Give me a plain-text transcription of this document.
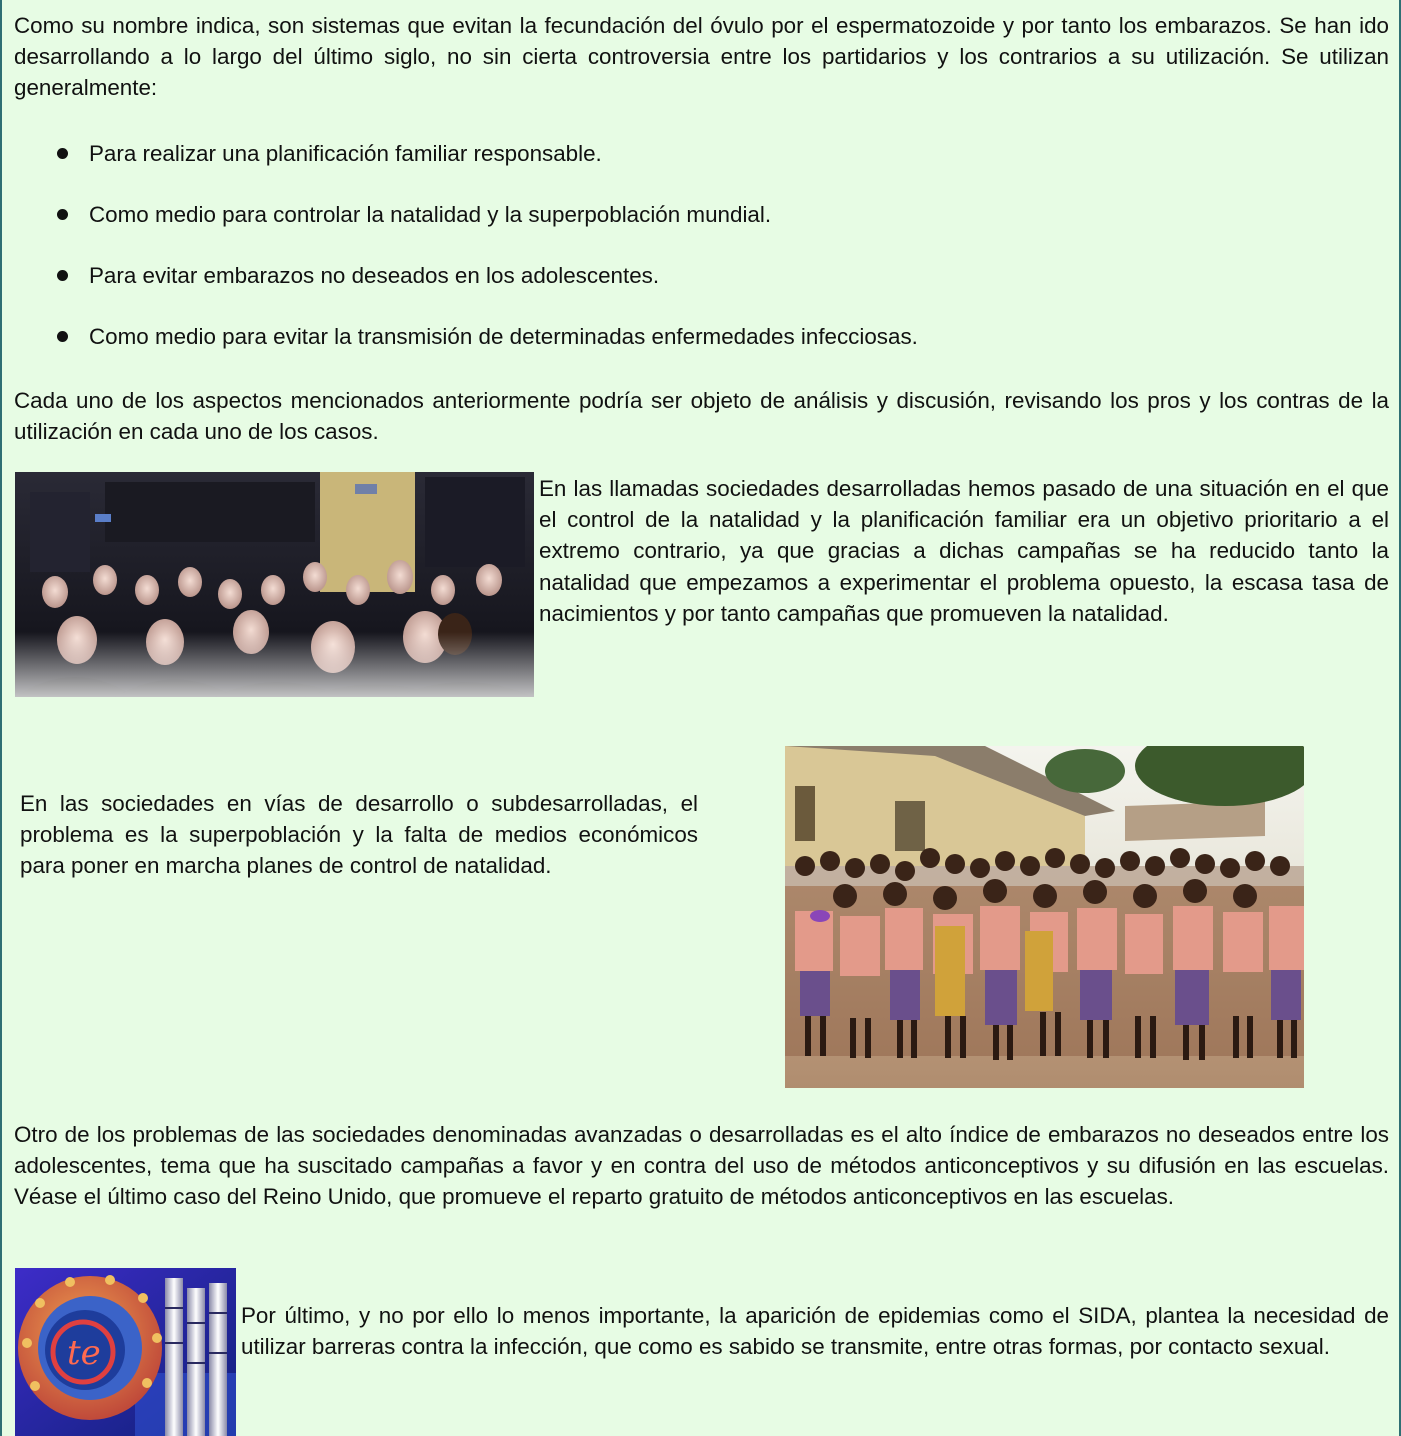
Como su nombre indica, son sistemas que evitan la fecundación del óvulo por el espermatozoide y por tanto los embarazos. Se han ido desarrollando a lo largo del último siglo, no sin cierta controversia entre los partidarios y los contrarios a su utilización. Se utilizan generalmente:

Para realizar una planificación familiar responsable.
Como medio para controlar la natalidad y la superpoblación mundial.
Para evitar embarazos no deseados en los adolescentes.
Como medio para evitar la transmisión de determinadas enfermedades infecciosas.

Cada uno de los aspectos mencionados anteriormente podría ser objeto de análisis y discusión, revisando los pros y los contras de la utilización en cada uno de los casos.

En las llamadas sociedades desarrolladas hemos pasado de una situación en el que el control de la natalidad y la planificación familiar era un objetivo prioritario a el extremo contrario, ya que gracias a dichas campañas se ha reducido tanto la natalidad que empezamos a experimentar el problema opuesto, la escasa tasa de nacimientos y por tanto campañas que promueven la natalidad.

En las sociedades en vías de desarrollo o subdesarrolladas, el problema es la superpoblación y la falta de medios económicos para poner en marcha planes de control de natalidad.

Otro de los problemas de las sociedades denominadas avanzadas o desarrolladas es el alto índice de embarazos no deseados entre los adolescentes, tema que ha suscitado campañas a favor y en contra del uso de métodos anticonceptivos y su difusión en las escuelas. Véase el último caso del Reino Unido, que promueve el reparto gratuito de métodos anticonceptivos en las escuelas.

te

Por último, y no por ello lo menos importante, la aparición de epidemias como el SIDA, plantea la necesidad de utilizar barreras contra la infección, que como es sabido se transmite, entre otras formas, por contacto sexual.
